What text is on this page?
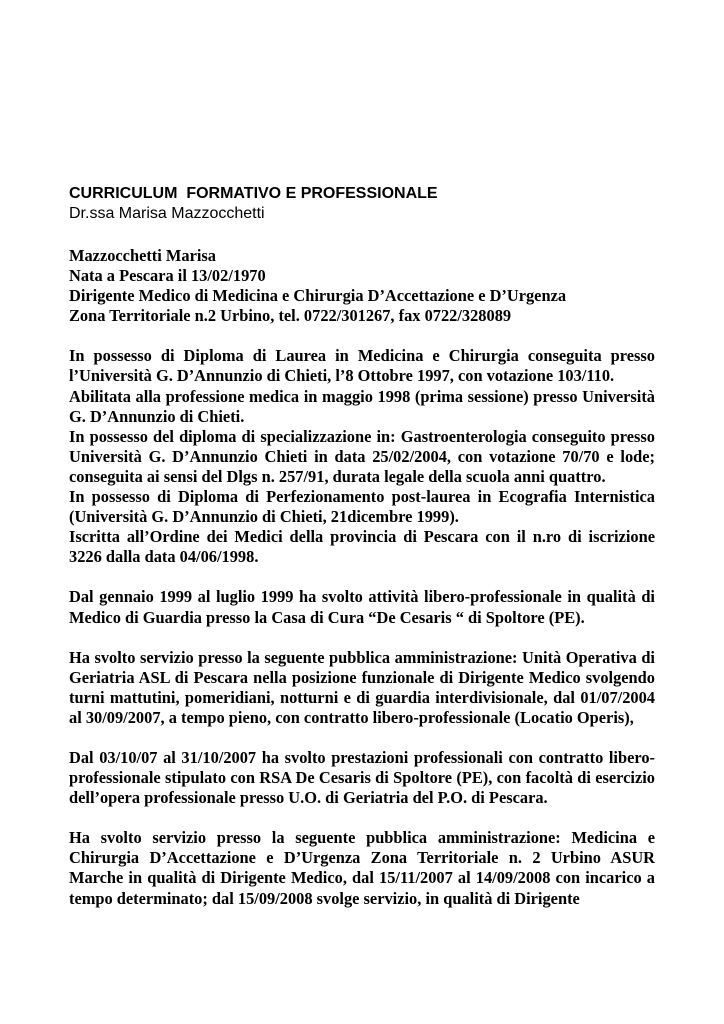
CURRICULUM  FORMATIVO E PROFESSIONALE
Dr.ssa Marisa Mazzocchetti
Mazzocchetti Marisa
Nata a Pescara il 13/02/1970
Dirigente Medico di Medicina e Chirurgia D’Accettazione e D’Urgenza
Zona Territoriale n.2 Urbino, tel. 0722/301267, fax 0722/328089

In possesso di Diploma di Laurea in Medicina e Chirurgia conseguita presso l’Università G. D’Annunzio di Chieti, l’8 Ottobre 1997, con votazione 103/110.

Abilitata alla professione medica in maggio 1998 (prima sessione) presso Università G. D’Annunzio di Chieti.

In possesso del diploma di specializzazione in: Gastroenterologia conseguito presso Università G. D’Annunzio Chieti in data 25/02/2004, con votazione 70/70 e lode; conseguita ai sensi del Dlgs n. 257/91, durata legale della scuola anni quattro.

In possesso di Diploma di Perfezionamento post-laurea in Ecografia Internistica (Università G. D’Annunzio di Chieti, 21dicembre 1999).

Iscritta all’Ordine dei Medici della provincia di Pescara con il n.ro di iscrizione 3226 dalla data 04/06/1998.

Dal gennaio 1999 al luglio 1999 ha svolto attività libero-professionale in qualità di Medico di Guardia presso la Casa di Cura “De Cesaris “ di Spoltore (PE).

Ha svolto servizio presso la seguente pubblica amministrazione: Unità Operativa di Geriatria ASL di Pescara nella posizione funzionale di Dirigente Medico svolgendo turni mattutini, pomeridiani, notturni e di guardia interdivisionale, dal 01/07/2004 al 30/09/2007, a tempo pieno, con contratto libero-professionale (Locatio Operis),

Dal 03/10/07 al 31/10/2007 ha svolto prestazioni professionali con contratto libero-professionale stipulato con RSA De Cesaris di Spoltore (PE), con facoltà di esercizio dell’opera professionale presso U.O. di Geriatria del P.O. di Pescara.

Ha svolto servizio presso la seguente pubblica amministrazione: Medicina e Chirurgia D’Accettazione e D’Urgenza Zona Territoriale n. 2 Urbino ASUR Marche in qualità di Dirigente Medico, dal 15/11/2007 al 14/09/2008 con incarico a tempo determinato; dal 15/09/2008 svolge servizio, in qualità di Dirigente
